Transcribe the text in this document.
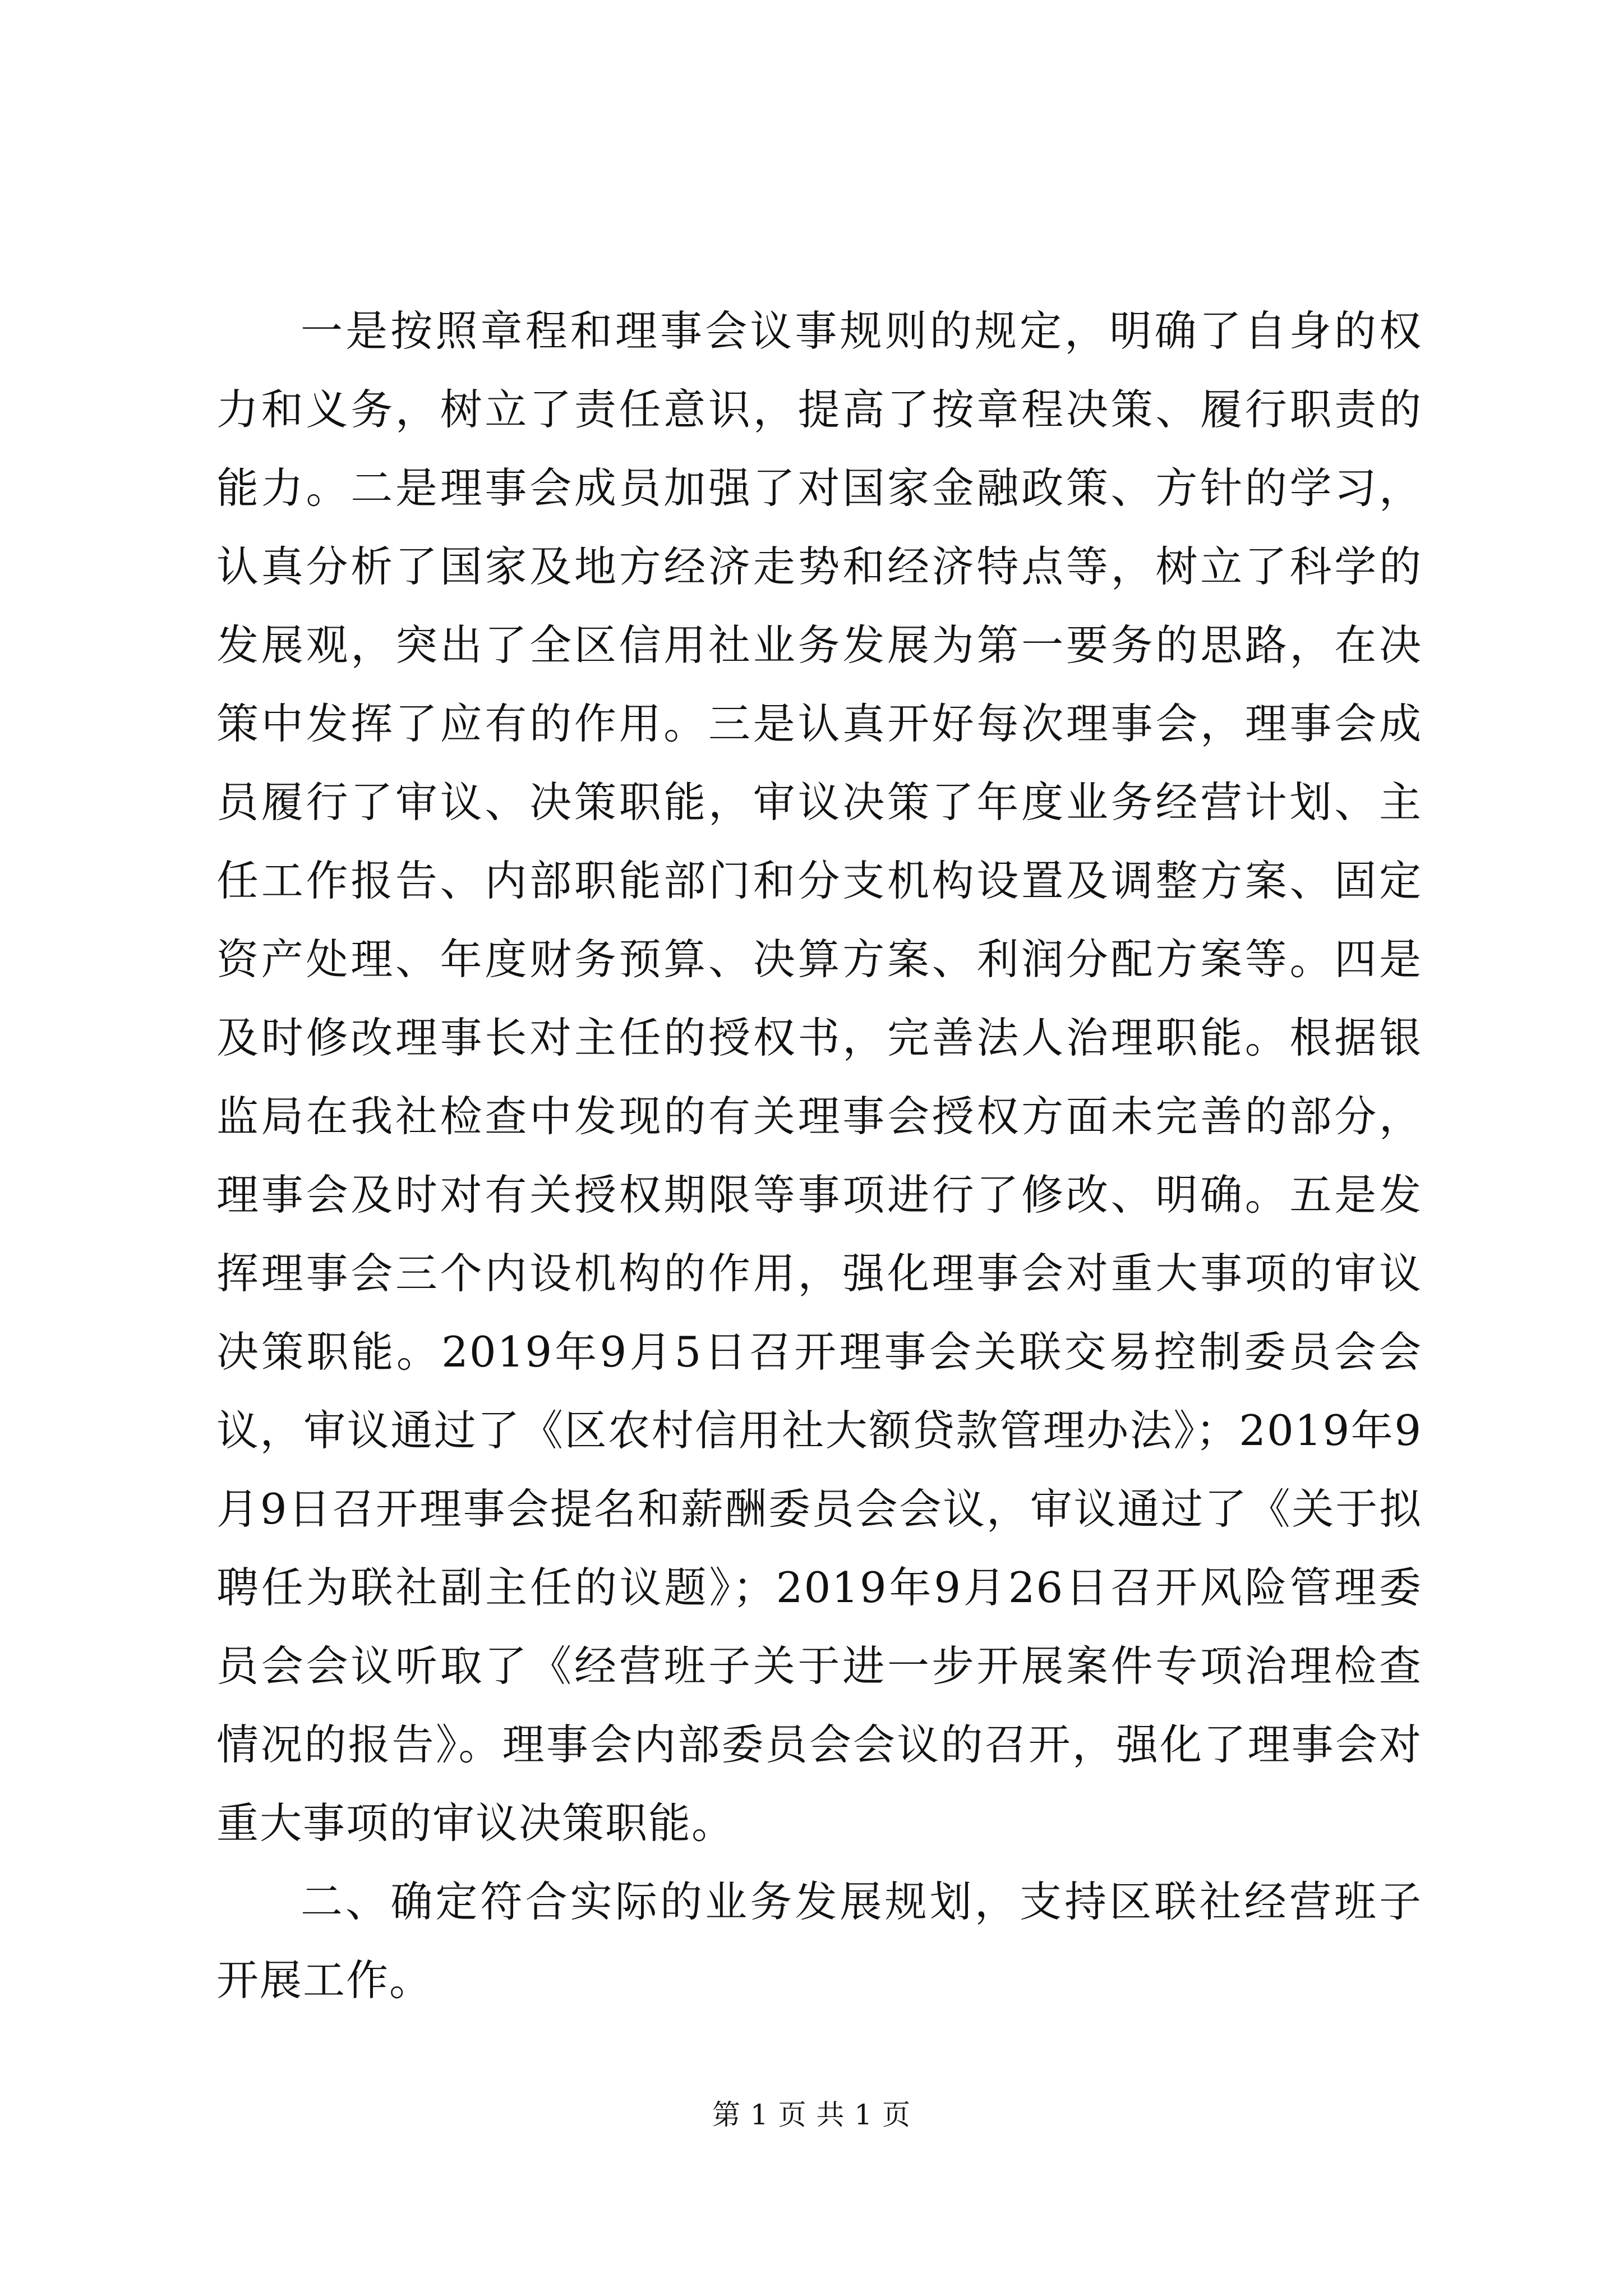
一是按照章程和理事会议事规则的规定，明确了自身的权力和义务，树立了责任意识，提高了按章程决策、履行职责的能力。二是理事会成员加强了对国家金融政策、方针的学习，认真分析了国家及地方经济走势和经济特点等，树立了科学的发展观，突出了全区信用社业务发展为第一要务的思路，在决策中发挥了应有的作用。三是认真开好每次理事会，理事会成员履行了审议、决策职能，审议决策了年度业务经营计划、主任工作报告、内部职能部门和分支机构设置及调整方案、固定资产处理、年度财务预算、决算方案、利润分配方案等。四是及时修改理事长对主任的授权书，完善法人治理职能。根据银监局在我社检查中发现的有关理事会授权方面未完善的部分，理事会及时对有关授权期限等事项进行了修改、明确。五是发挥理事会三个内设机构的作用，强化理事会对重大事项的审议决策职能。2019年9月5日召开理事会关联交易控制委员会会议，审议通过了《区农村信用社大额贷款管理办法》；2019年9月9日召开理事会提名和薪酬委员会会议，审议通过了《关于拟聘任为联社副主任的议题》；2019年9月26日召开风险管理委员会会议听取了《经营班子关于进一步开展案件专项治理检查情况的报告》。理事会内部委员会会议的召开，强化了理事会对重大事项的审议决策职能。

二、确定符合实际的业务发展规划，支持区联社经营班子开展工作。

第 1 页 共 1 页
